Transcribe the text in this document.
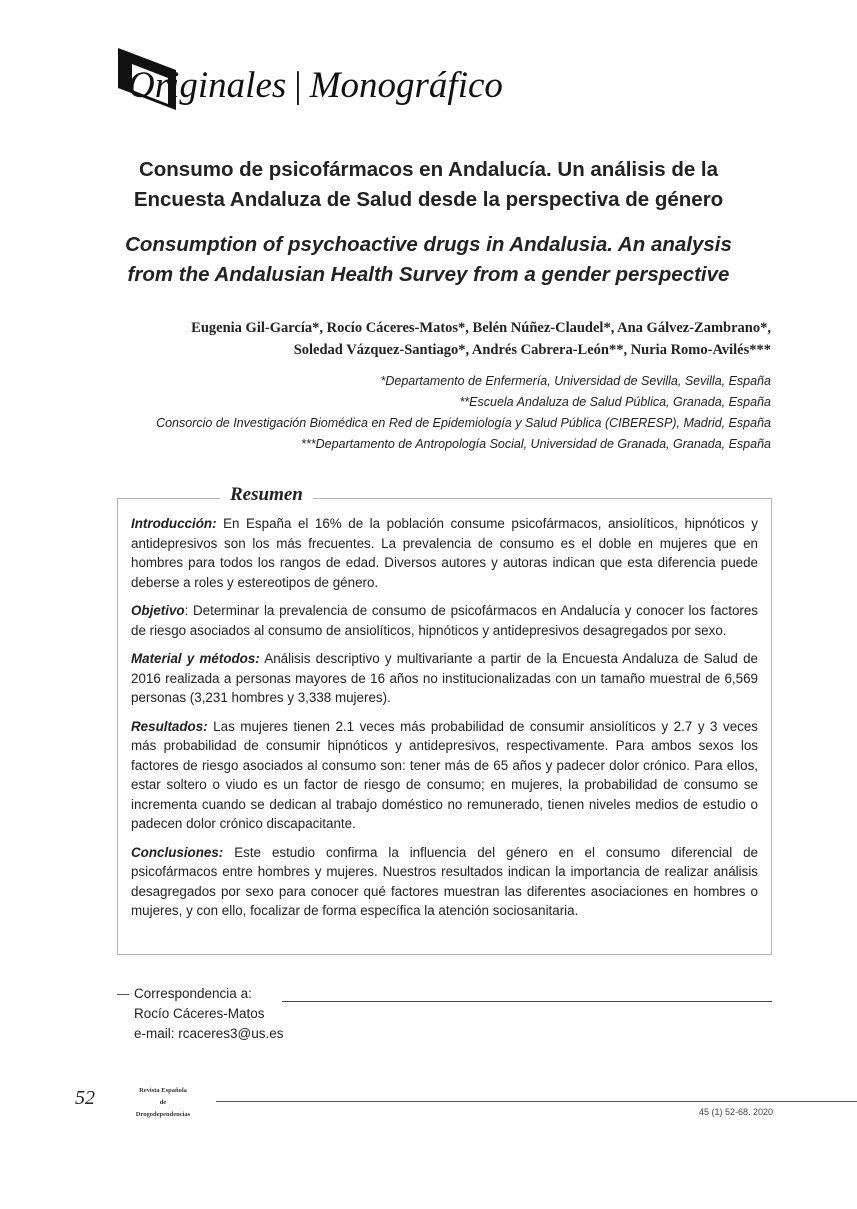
Originales | Monográfico
Consumo de psicofármacos en Andalucía. Un análisis de la
Encuesta Andaluza de Salud desde la perspectiva de género
Consumption of psychoactive drugs in Andalusia. An analysis
from the Andalusian Health Survey from a gender perspective
Eugenia Gil-García*, Rocío Cáceres-Matos*, Belén Núñez-Claudel*, Ana Gálvez-Zambrano*,
Soledad Vázquez-Santiago*, Andrés Cabrera-León**, Nuria Romo-Avilés***
*Departamento de Enfermería, Universidad de Sevilla, Sevilla, España
**Escuela Andaluza de Salud Pública, Granada, España
Consorcio de Investigación Biomédica en Red de Epidemiología y Salud Pública (CIBERESP), Madrid, España
***Departamento de Antropología Social, Universidad de Granada, Granada, España
Resumen

Introducción: En España el 16% de la población consume psicofármacos, ansiolíticos, hipnóticos y antidepresivos son los más frecuentes. La prevalencia de consumo es el doble en mujeres que en hombres para todos los rangos de edad. Diversos autores y autoras indican que esta diferencia puede deberse a roles y estereotipos de género.

Objetivo: Determinar la prevalencia de consumo de psicofármacos en Andalucía y conocer los factores de riesgo asociados al consumo de ansiolíticos, hipnóticos y antidepresivos desagregados por sexo.

Material y métodos: Análisis descriptivo y multivariante a partir de la Encuesta Andaluza de Salud de 2016 realizada a personas mayores de 16 años no institucionalizadas con un tamaño muestral de 6,569 personas (3,231 hombres y 3,338 mujeres).

Resultados: Las mujeres tienen 2.1 veces más probabilidad de consumir ansiolíticos y 2.7 y 3 veces más probabilidad de consumir hipnóticos y antidepresivos, respectivamente. Para ambos sexos los factores de riesgo asociados al consumo son: tener más de 65 años y padecer dolor crónico. Para ellos, estar soltero o viudo es un factor de riesgo de consumo; en mujeres, la probabilidad de consumo se incrementa cuando se dedican al trabajo doméstico no remunerado, tienen niveles medios de estudio o padecen dolor crónico discapacitante.

Conclusiones: Este estudio confirma la influencia del género en el consumo diferencial de psicofármacos entre hombres y mujeres. Nuestros resultados indican la importancia de realizar análisis desagregados por sexo para conocer qué factores muestran las diferentes asociaciones en hombres o mujeres, y con ello, focalizar de forma específica la atención sociosanitaria.

Correspondencia a:
Rocío Cáceres-Matos
e-mail: rcaceres3@us.es
52	Revista Española
de
Drogodependencias	45 (1) 52-68. 2020
